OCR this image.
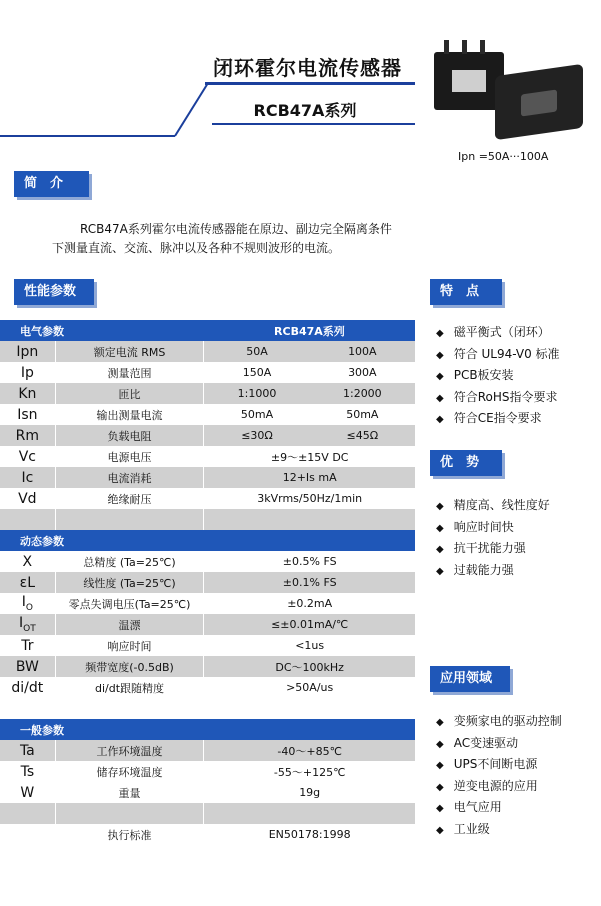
闭环霍尔电流传感器
RCB47A系列
Ipn =50A···100A
简　介

RCB47A系列霍尔电流传感器能在原边、副边完全隔离条件

下测量直流、交流、脉冲以及各种不规则波形的电流。

性能参数
电气参数		RCB47A系列	
Ipn	额定电流 RMS	50A	100A
Ip	测量范围	150A	300A
Kn	匝比	1:1000	1:2000
Isn	输出测量电流	50mA	50mA
Rm	负载电阻	≤30Ω	≤45Ω
Vc	电源电压	±9～±15V DC	
Ic	电流消耗	12+Is mA	
Vd	绝缘耐压	3kVrms/50Hz/1min	

动态参数			
X	总精度 (Ta=25℃)	±0.5% FS	
εL	线性度 (Ta=25℃)	±0.1% FS	
$I_O$	零点失调电压(Ta=25℃)	±0.2mA	
$I_{OT}$	温漂	≤±0.01mA/℃	
Tr	响应时间	<1us	
BW	频带宽度(-0.5dB)	DC～100kHz	
di/dt	di/dt跟随精度	>50A/us	

一般参数			
Ta	工作环境温度	-40～+85℃	
Ts	储存环境温度	-55～+125℃	
W	重量	19g	

	执行标准	EN50178:1998	
特　点
◆ 磁平衡式（闭环）
◆ 符合 UL94-V0 标准
◆ PCB板安装
◆ 符合RoHS指令要求
◆ 符合CE指令要求
优　势
◆ 精度高、线性度好
◆ 响应时间快
◆ 抗干扰能力强
◆ 过载能力强
应用领域
◆ 变频家电的驱动控制
◆ AC变速驱动
◆ UPS不间断电源
◆ 逆变电源的应用
◆ 电气应用
◆ 工业级
